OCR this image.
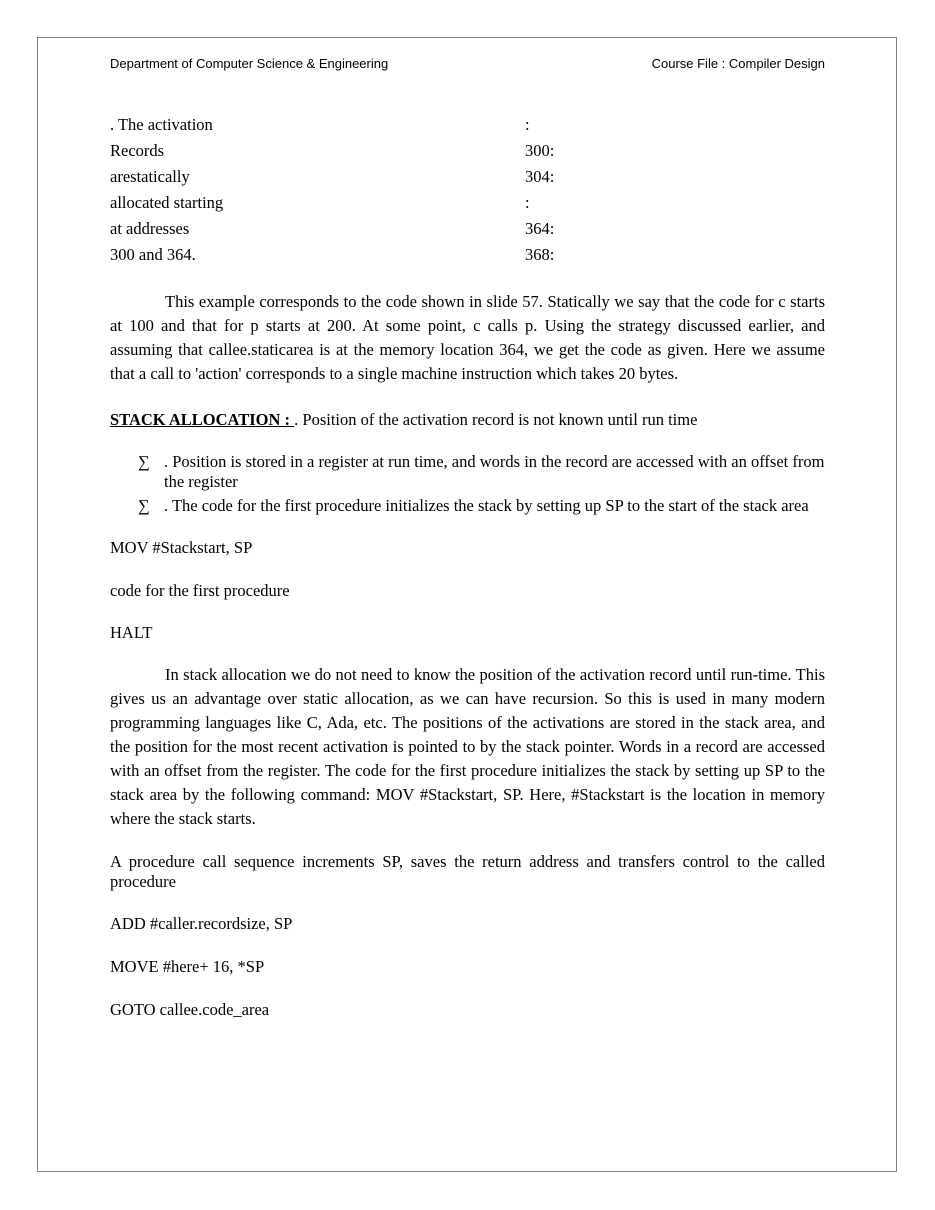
Department of Computer Science & Engineering	Course File : Compiler Design
. The activation	:
Records	300:
arestatically	304:
allocated starting	:
at addresses	364:
300 and 364.	368:

This example corresponds to the code shown in slide 57. Statically we say that the code for c starts at 100 and that for p starts at 200. At some point, c calls p. Using the strategy discussed earlier, and assuming that callee.staticarea is at the memory location 364, we get the code as given. Here we assume that a call to 'action' corresponds to a single machine instruction which takes 20 bytes.

STACK ALLOCATION : . Position of the activation record is not known until run time
∑ . Position is stored in a register at run time, and words in the record are accessed with an offset from the register
∑ . The code for the first procedure initializes the stack by setting up SP to the start of the stack area

MOV #Stackstart, SP

code for the first procedure

HALT

In stack allocation we do not need to know the position of the activation record until run-time. This gives us an advantage over static allocation, as we can have recursion. So this is used in many modern programming languages like C, Ada, etc. The positions of the activations are stored in the stack area, and the position for the most recent activation is pointed to by the stack pointer. Words in a record are accessed with an offset from the register. The code for the first procedure initializes the stack by setting up SP to the stack area by the following command: MOV #Stackstart, SP. Here, #Stackstart is the location in memory where the stack starts.

A procedure call sequence increments SP, saves the return address and transfers control to the called procedure

ADD #caller.recordsize, SP

MOVE #here+ 16, *SP

GOTO callee.code_area
